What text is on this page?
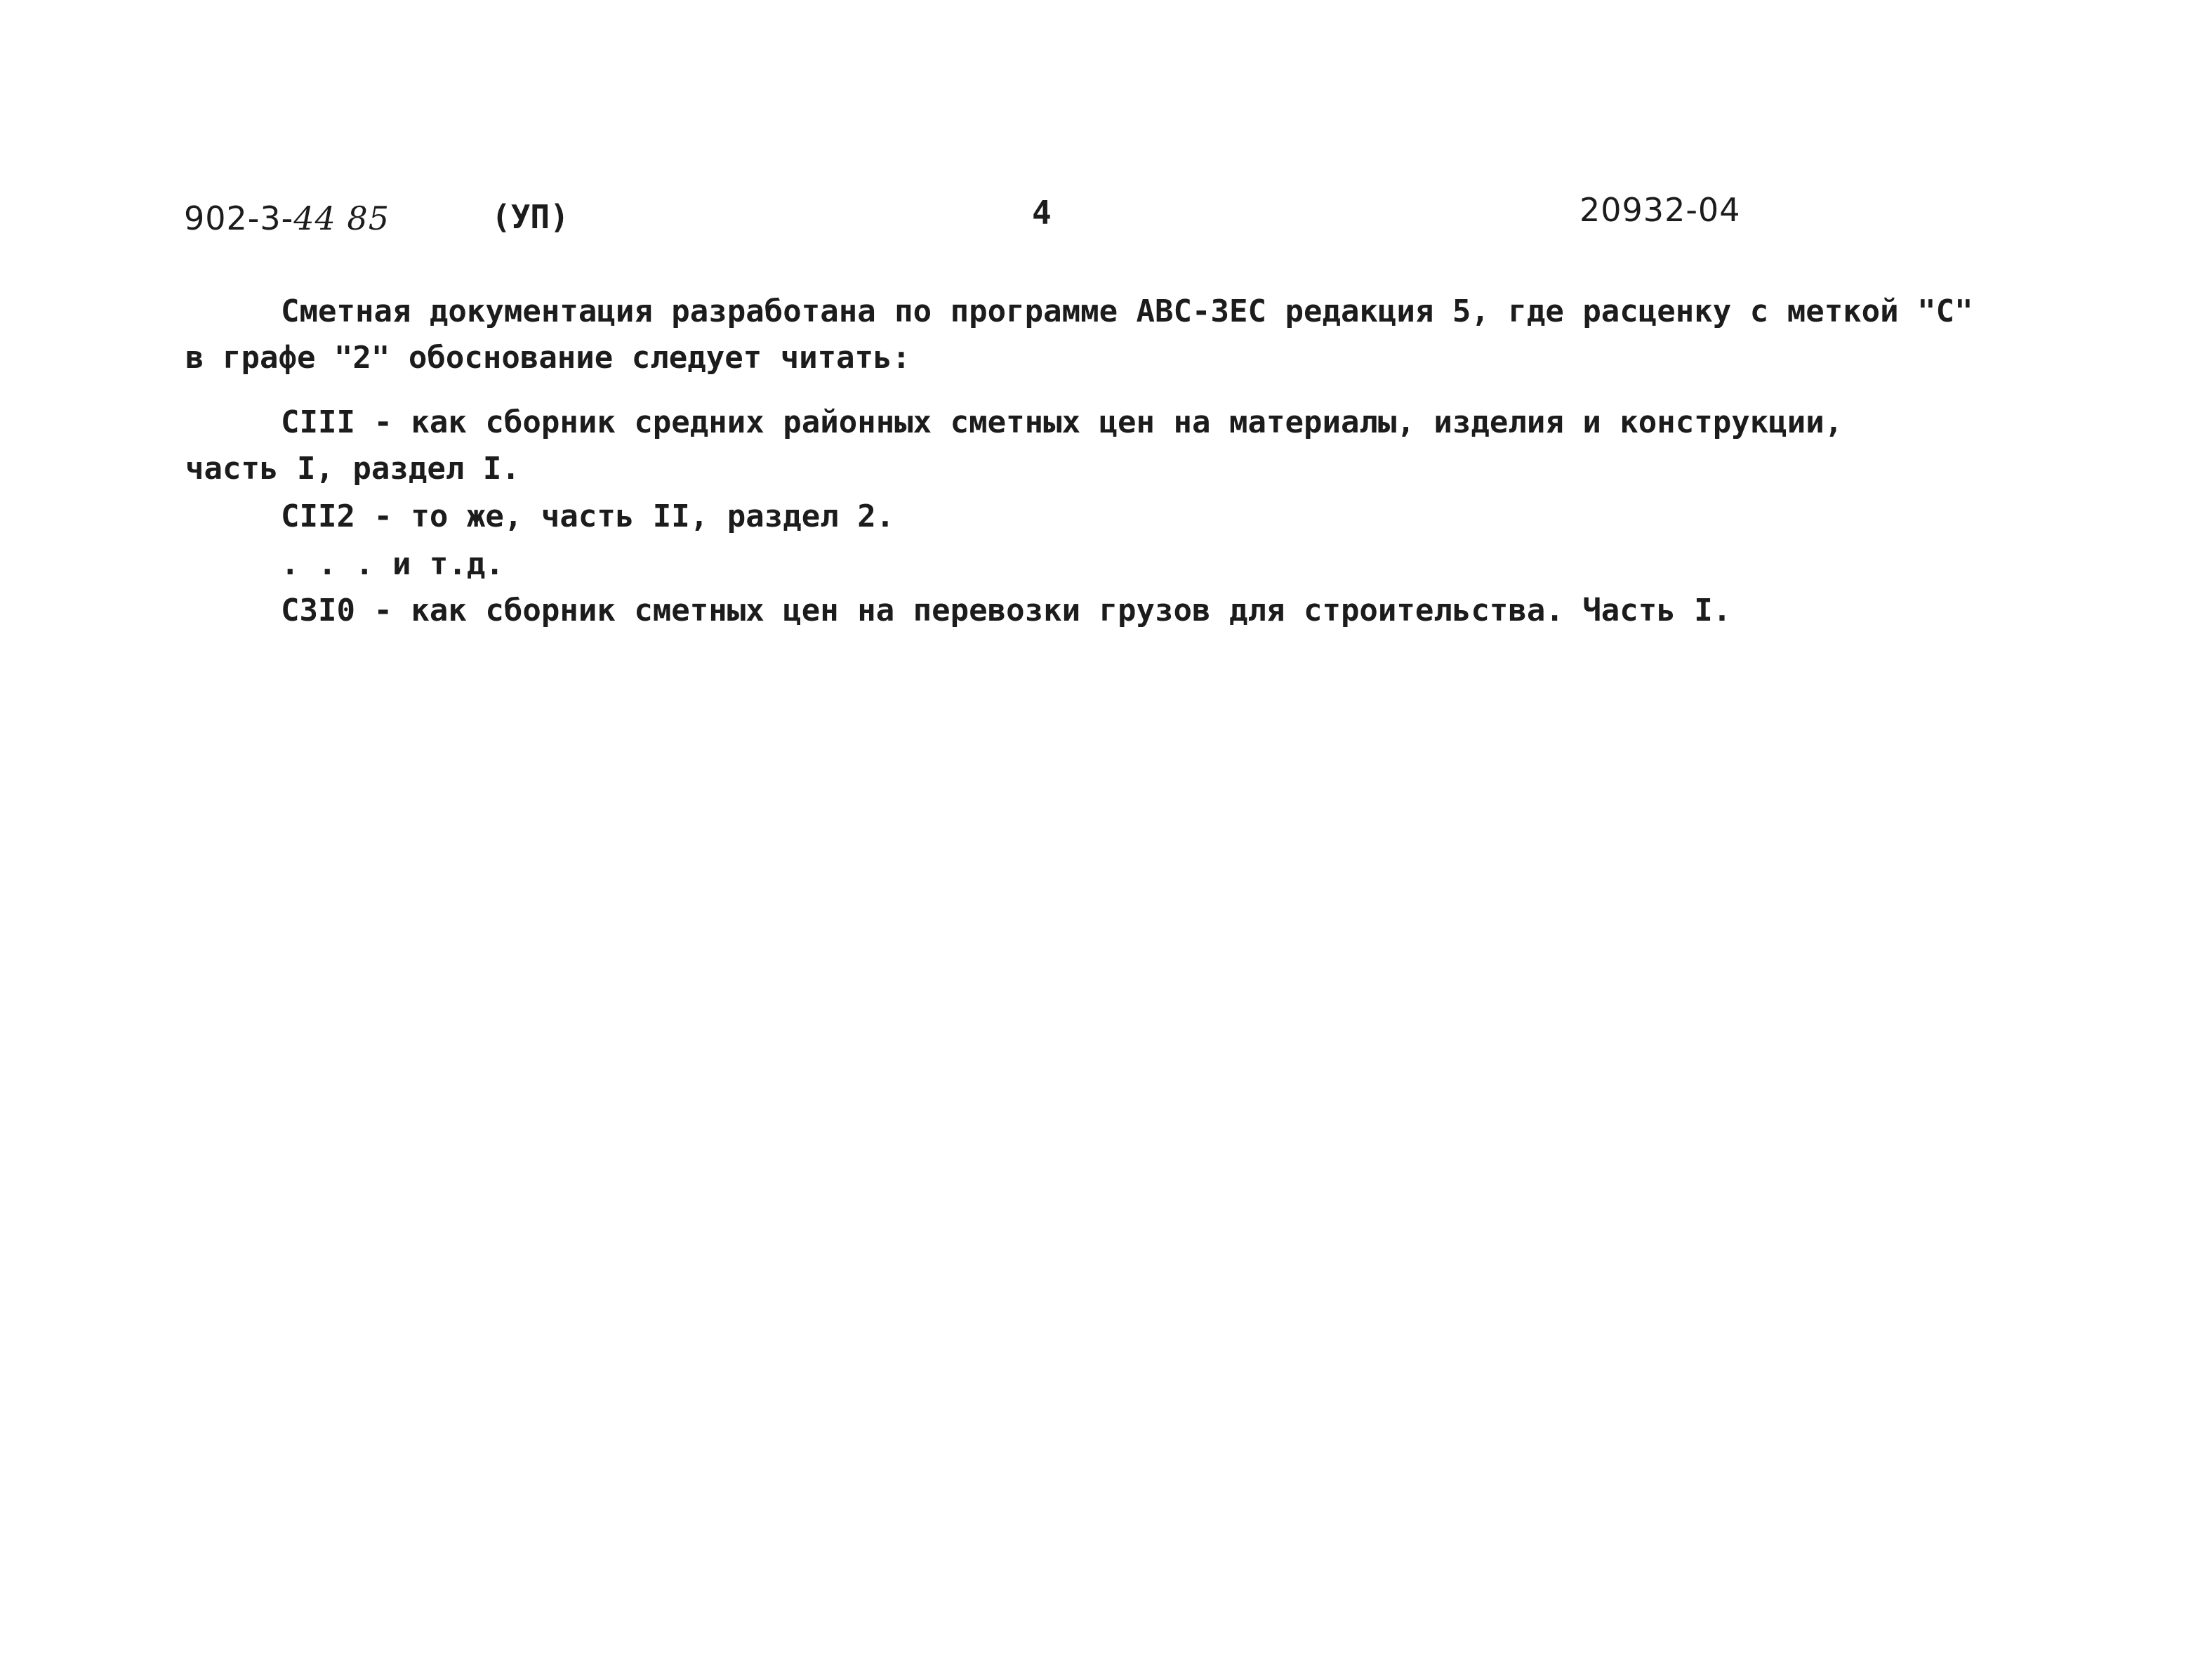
902-3-44 85	(УП)	4	20932-04
Сметная документация разработана по программе АВС-ЗЕС редакция 5, где расценку с меткой "С"
в графе "2" обоснование следует читать:
СIII - как сборник средних районных сметных цен на материалы, изделия и конструкции,
часть I, раздел I.
СII2 - то же, часть II, раздел 2.
. . . и т.д.
С3I0 - как сборник сметных цен на перевозки грузов для строительства. Часть I.
